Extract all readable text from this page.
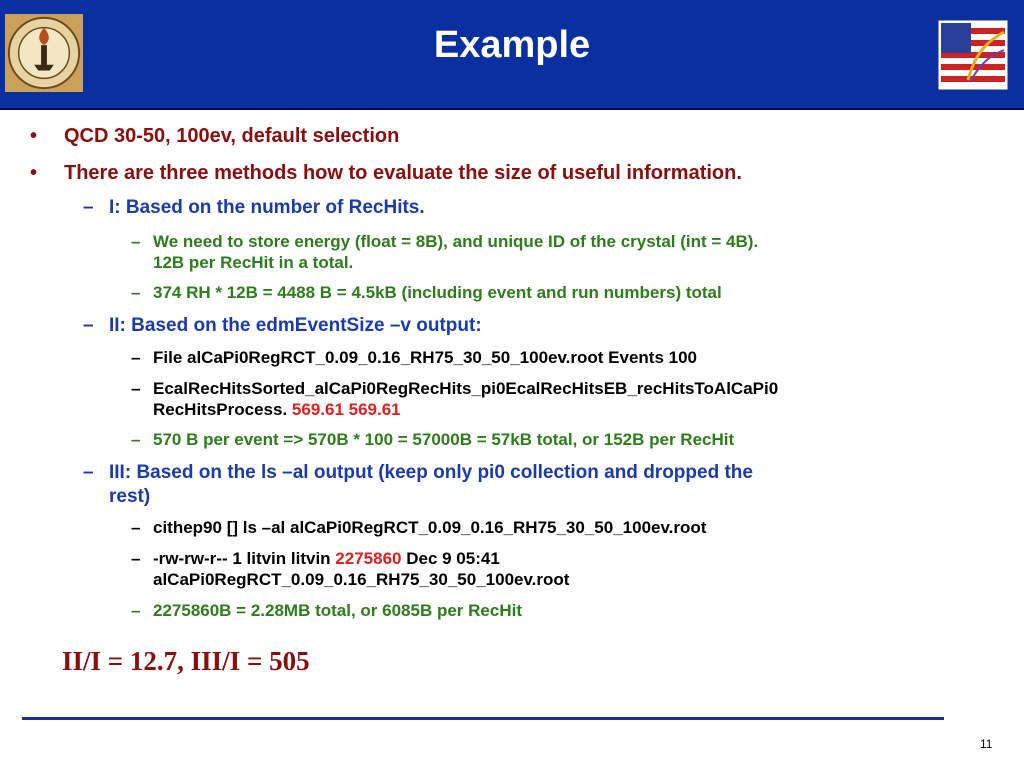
Example
• QCD 30-50, 100ev, default selection
• There are three methods how to evaluate the size of useful information.
– I: Based on the number of RecHits.
– We need to store energy (float = 8B), and unique ID of the crystal (int = 4B).
12B per RecHit in a total.
– 374 RH * 12B = 4488 B = 4.5kB (including event and run numbers) total
– II: Based on the edmEventSize –v output:
– File alCaPi0RegRCT_0.09_0.16_RH75_30_50_100ev.root Events 100
– EcalRecHitsSorted_alCaPi0RegRecHits_pi0EcalRecHitsEB_recHitsToAlCaPi0
RecHitsProcess. 569.61 569.61
– 570 B per event => 570B * 100 = 57000B = 57kB total, or 152B per RecHit
– III: Based on the ls –al output (keep only pi0 collection and dropped the
rest)
– cithep90 [] ls –al alCaPi0RegRCT_0.09_0.16_RH75_30_50_100ev.root
– -rw-rw-r-- 1 litvin litvin 2275860 Dec 9 05:41
alCaPi0RegRCT_0.09_0.16_RH75_30_50_100ev.root
– 2275860B = 2.28MB total, or 6085B per RecHit
II/I = 12.7, III/I = 505
11
